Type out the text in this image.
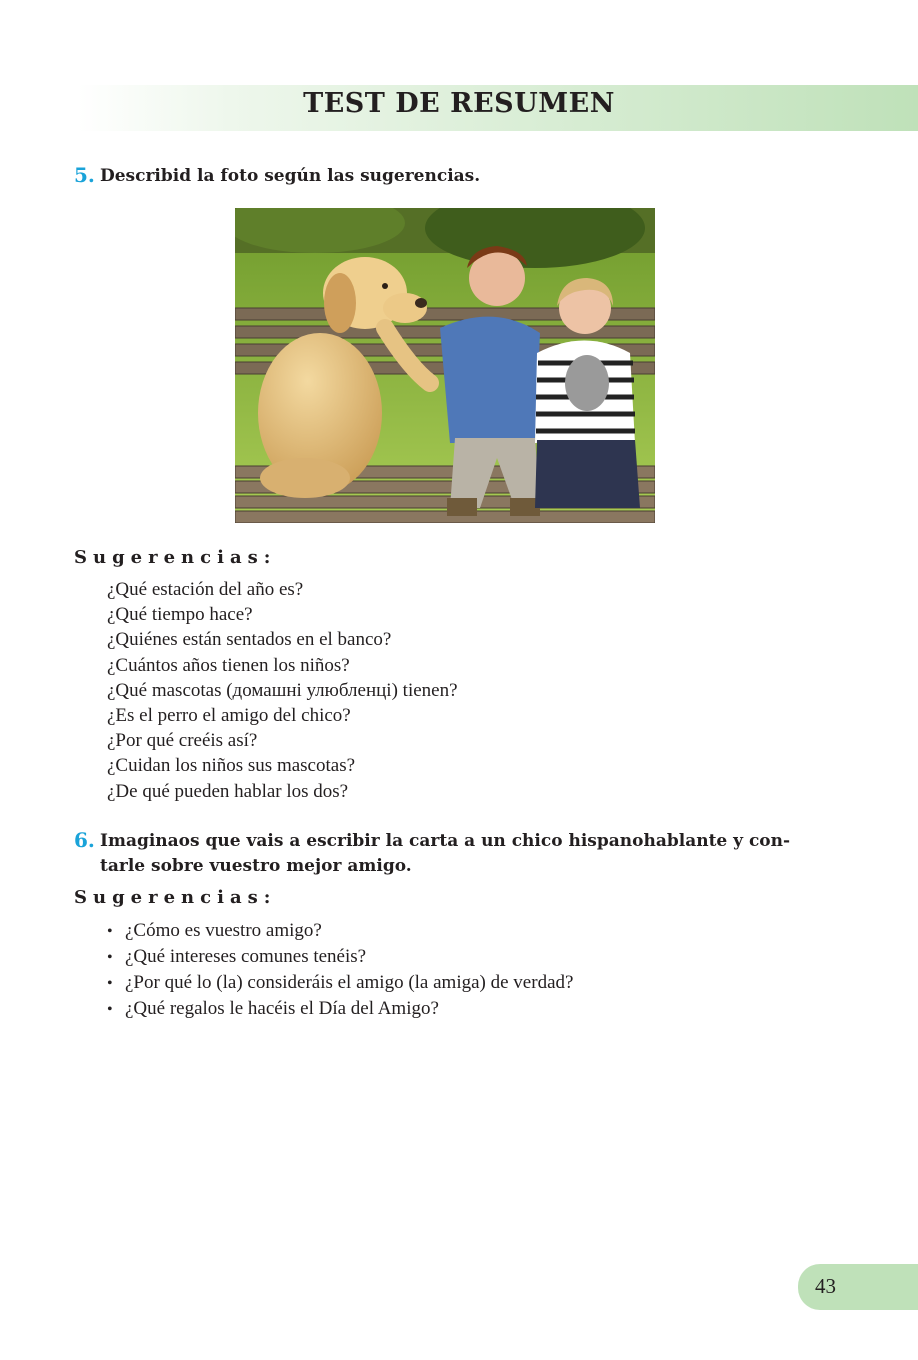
TEST DE RESUMEN
5. Describid la foto según las sugerencias.
Sugerencias:
¿Qué estación del año es?
¿Qué tiempo hace?
¿Quiénes están sentados en el banco?
¿Cuántos años tienen los niños?
¿Qué mascotas (домашні улюбленці) tienen?
¿Es el perro el amigo del chico?
¿Por qué creéis así?
¿Cuidan los niños sus mascotas?
¿De qué pueden hablar los dos?
6. Imaginaos que vais a escribir la carta a un chico hispanohablante y con-
tarle sobre vuestro mejor amigo.
Sugerencias:
• ¿Cómo es vuestro amigo?
• ¿Qué intereses comunes tenéis?
• ¿Por qué lo (la) consideráis el amigo (la amiga) de verdad?
• ¿Qué regalos le hacéis el Día del Amigo?
43
